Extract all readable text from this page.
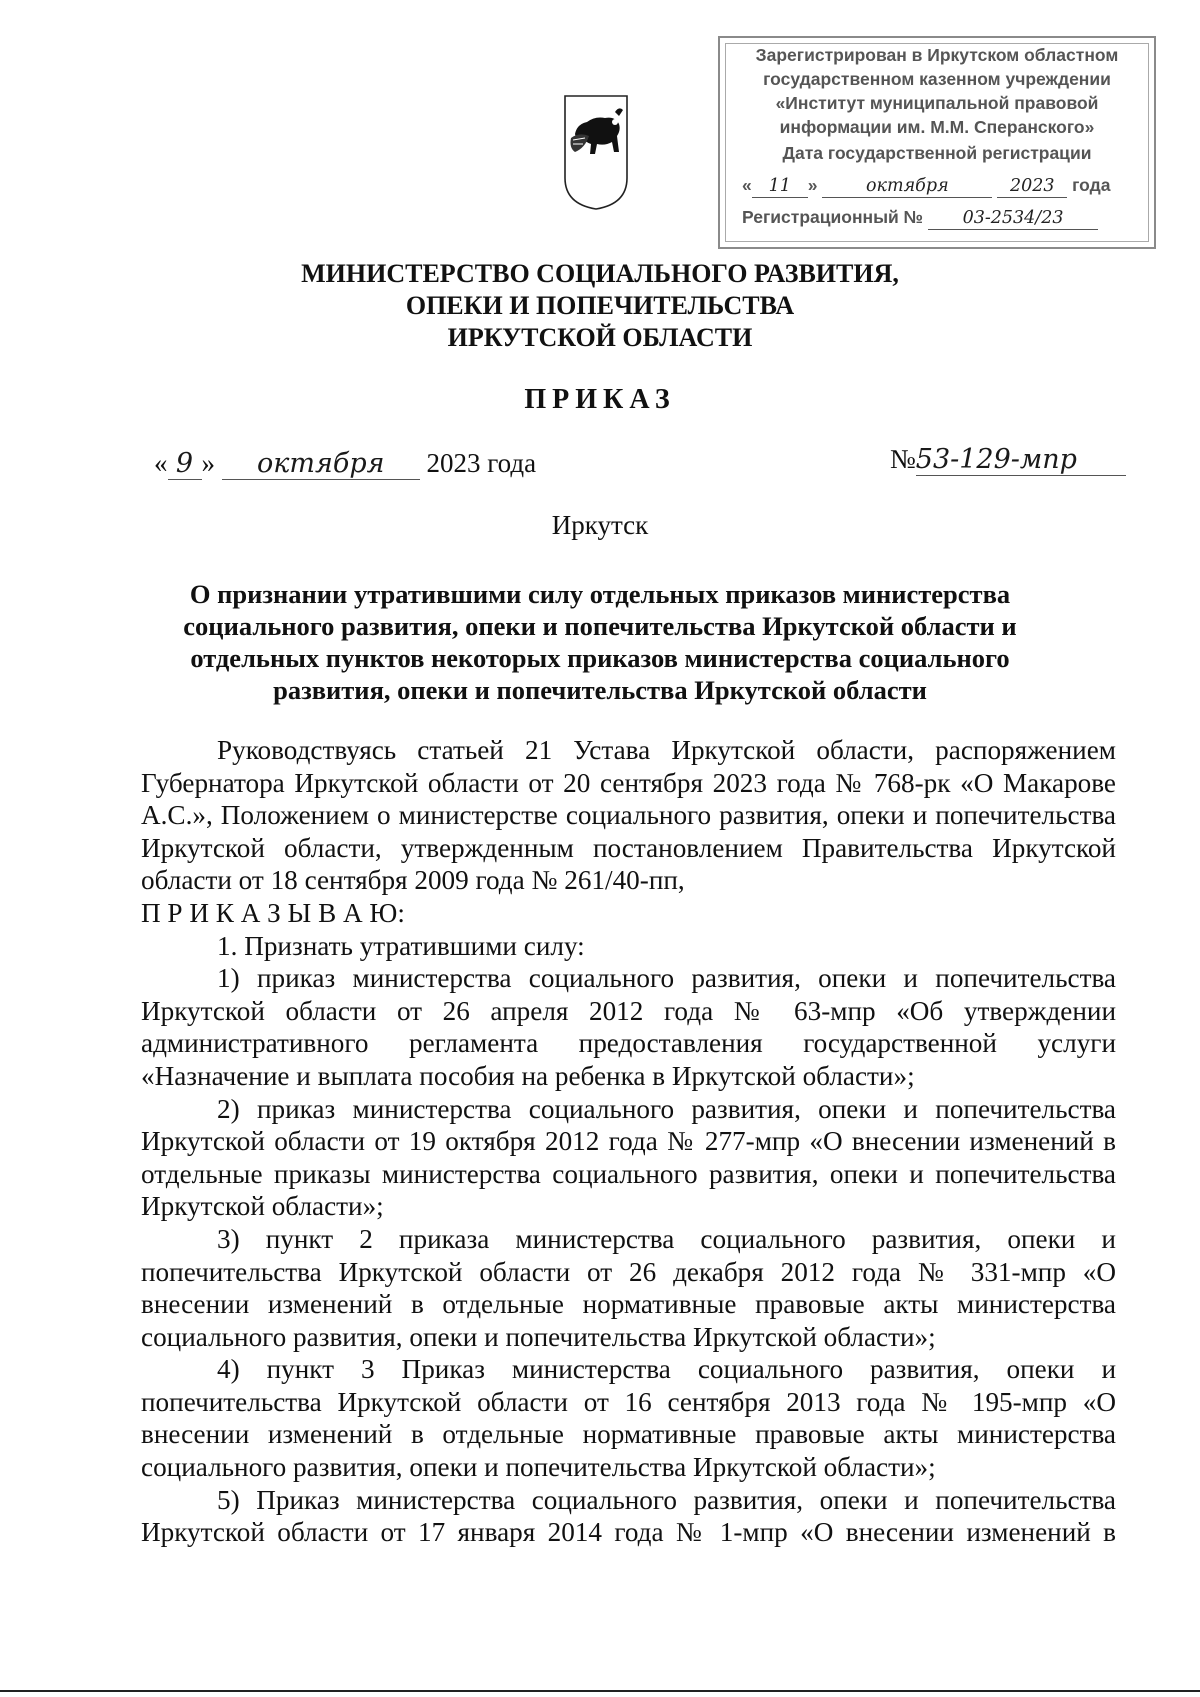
Зарегистрирован в Иркутском областном
государственном казенном учреждении
«Институт муниципальной правовой
информации им. М.М. Сперанского»
Дата государственной регистрации
« 11 »	октября	2023 года
Регистрационный № 03-2534/23
МИНИСТЕРСТВО СОЦИАЛЬНОГО РАЗВИТИЯ,
ОПЕКИ И ПОПЕЧИТЕЛЬСТВА
ИРКУТСКОЙ ОБЛАСТИ
ПРИКАЗ
« 9 » октября 2023 года	№53-129-мпр
Иркутск
О признании утратившими силу отдельных приказов министерства
социального развития, опеки и попечительства Иркутской области и
отдельных пунктов некоторых приказов министерства социального
развития, опеки и попечительства Иркутской области

Руководствуясь статьей 21 Устава Иркутской области, распоряжением Губернатора Иркутской области от 20 сентября 2023 года № 768-рк «О Макарове А.С.», Положением о министерстве социального развития, опеки и попечительства Иркутской области, утвержденным постановлением Правительства Иркутской области от 18 сентября 2009 года № 261/40-пп,

П Р И К А З Ы В А Ю:

1. Признать утратившими силу:

1) приказ министерства социального развития, опеки и попечительства Иркутской области от 26 апреля 2012 года № 63-мпр «Об утверждении административного регламента предоставления государственной услуги «Назначение и выплата пособия на ребенка в Иркутской области»;

2) приказ министерства социального развития, опеки и попечительства Иркутской области от 19 октября 2012 года № 277-мпр «О внесении изменений в отдельные приказы министерства социального развития, опеки и попечительства Иркутской области»;

3) пункт 2 приказа министерства социального развития, опеки и попечительства Иркутской области от 26 декабря 2012 года № 331-мпр «О внесении изменений в отдельные нормативные правовые акты министерства социального развития, опеки и попечительства Иркутской области»;

4) пункт 3 Приказ министерства социального развития, опеки и попечительства Иркутской области от 16 сентября 2013 года № 195-мпр «О внесении изменений в отдельные нормативные правовые акты министерства социального развития, опеки и попечительства Иркутской области»;

5) Приказ министерства социального развития, опеки и попечительства Иркутской области от 17 января 2014 года № 1-мпр «О внесении изменений в
